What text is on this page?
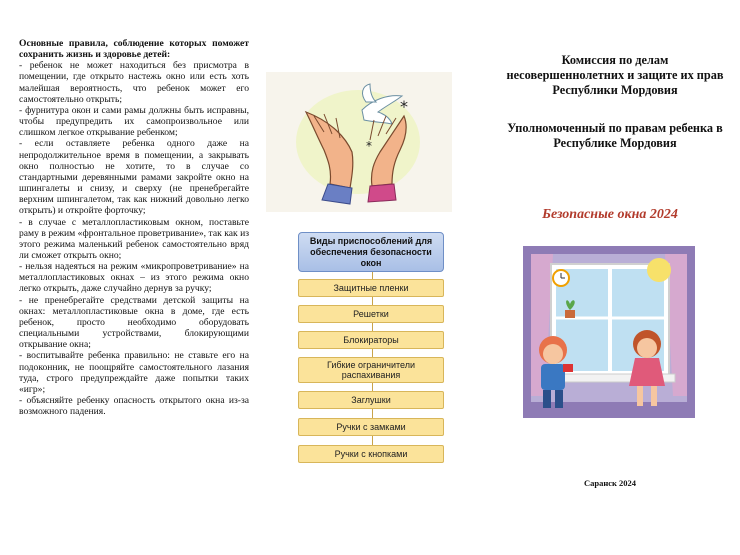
Основные правила, соблюдение которых поможет сохранить жизнь и здоровье детей:

- ребенок не может находиться без присмотра в помещении, где открыто настежь окно или есть хоть малейшая вероятность, что ребенок может его самостоятельно открыть;

- фурнитура окон и сами рамы должны быть исправны, чтобы предупредить их самопроизвольное или слишком легкое открывание ребенком;

- если оставляете ребенка одного даже на непродолжительное время в помещении, а закрывать окно полностью не хотите, то в случае со стандартными деревянными рамами закройте окно на шпингалеты и снизу, и сверху (не пренебрегайте верхним шпингалетом, так как нижний довольно легко открыть) и откройте форточку;

- в случае с металлопластиковым окном, поставьте раму в режим «фронтальное проветривание», так как из этого режима маленький ребенок самостоятельно вряд ли сможет открыть окно;

- нельзя надеяться на режим «микропроветривание» на металлопластиковых окнах – из этого режима окно легко открыть, даже случайно дернув за ручку;

- не пренебрегайте средствами детской защиты на окнах: металлопластиковые окна в доме, где есть ребенок, просто необходимо оборудовать специальными устройствами, блокирующими открывание окна;

- воспитывайте ребенка правильно: не ставьте его на подоконник, не поощряйте самостоятельного лазания туда, строго предупреждайте даже попытки таких «игр»;

- объясняйте ребенку опасность открытого окна из-за возможного падения.

*
*
Виды приспособлений для обеспечения безопасности окон
Защитные пленки
Решетки
Блокираторы
Гибкие ограничители распахивания
Заглушки
Ручки с замками
Ручки с кнопками
Комиссия по делам несовершеннолетних и защите их прав Республики Мордовия
Уполномоченный по правам ребенка в Республике Мордовия
Безопасные окна 2024
Саранск 2024
